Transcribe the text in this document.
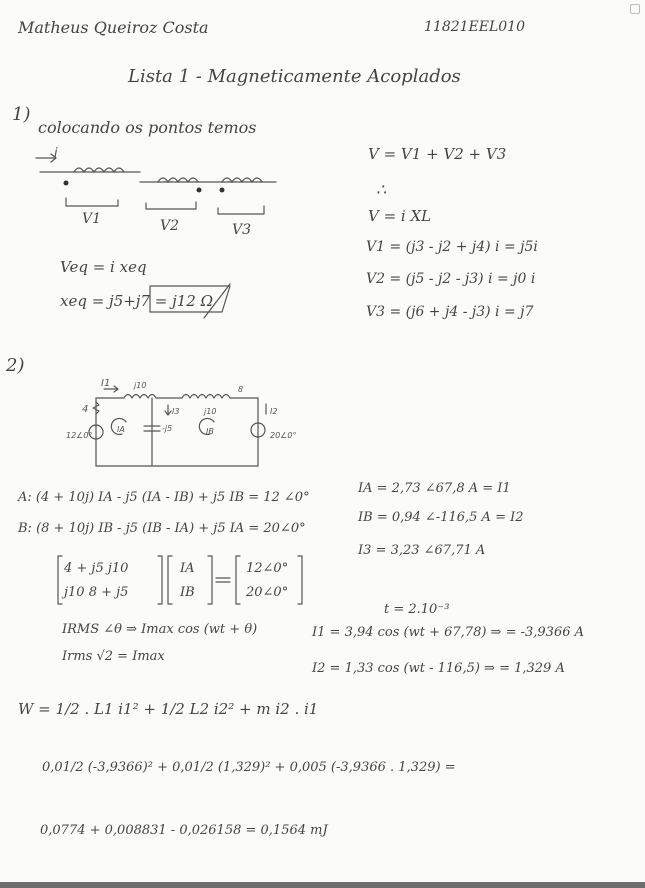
Matheus Queiroz Costa	11821EEL010
Lista 1 - Magneticamente Acoplados
1)
colocando os pontos temos
i
V1	V2	V3
Veq = i xeq
xeq = j5+j7 = j12 Ω
V = V1 + V2 + V3
∴
V = i XL
V1 = (j3 - j2 + j4) i = j5i
V2 = (j5 - j2 - j3) i = j0 i
V3 = (j6 + j4 - j3) i = j7
2)
I1	j10
4
IA
I3
-j5
j10
IB
8
I2
12∠0°	20∠0°
A: (4 + 10j) IA - j5 (IA - IB) + j5 IB = 12 ∠0°
B: (8 + 10j) IB - j5 (IB - IA) + j5 IA = 20∠0°
4 + j5 j10
j10 8 + j5
IA
IB
12∠0°
20∠0°
IRMS ∠θ ⇒ Imax cos (wt + θ)
Irms √2 = Imax
IA = 2,73 ∠67,8 A = I1
IB = 0,94 ∠-116,5 A = I2
I3 = 3,23 ∠67,71 A
t = 2.10⁻³
I1 = 3,94 cos (wt + 67,78) ⇒ = -3,9366 A
I2 = 1,33 cos (wt - 116,5) ⇒ = 1,329 A
W = 1/2 . L1 i1² + 1/2 L2 i2² + m i2 . i1
0,01/2 (-3,9366)² + 0,01/2 (1,329)² + 0,005 (-3,9366 . 1,329) =
0,0774 + 0,008831 - 0,026158 = 0,1564 mJ
